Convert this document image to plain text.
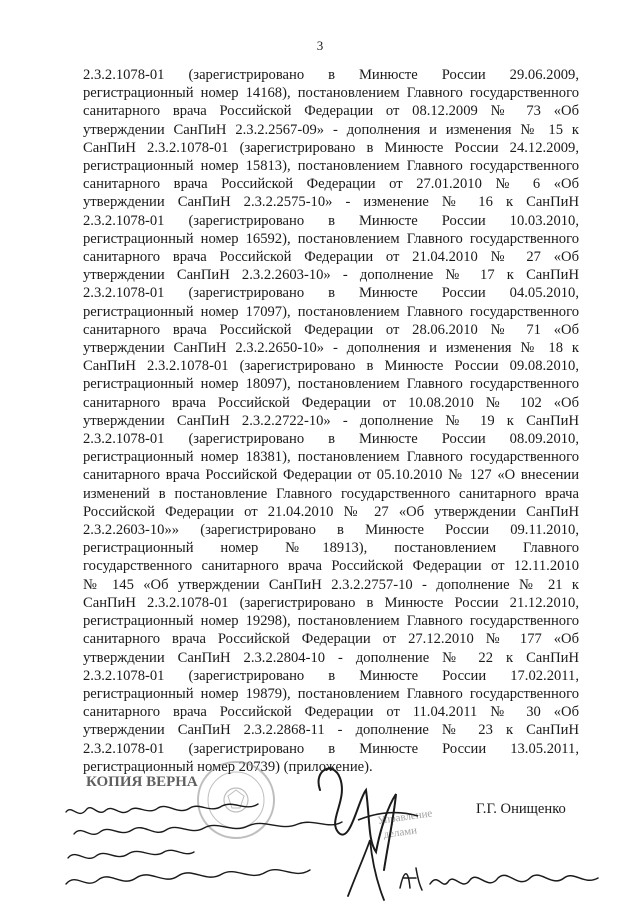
3
2.3.2.1078-01 (зарегистрировано в Минюсте России 29.06.2009,
регистрационный номер 14168), постановлением Главного государственного
санитарного врача Российской Федерации от 08.12.2009 № 73 «Об
утверждении СанПиН 2.3.2.2567-09» - дополнения и изменения № 15 к
СанПиН 2.3.2.1078-01 (зарегистрировано в Минюсте России 24.12.2009,
регистрационный номер 15813), постановлением Главного государственного
санитарного врача Российской Федерации от 27.01.2010 № 6 «Об
утверждении СанПиН 2.3.2.2575-10» - изменение № 16 к СанПиН
2.3.2.1078-01 (зарегистрировано в Минюсте России 10.03.2010,
регистрационный номер 16592), постановлением Главного государственного
санитарного врача Российской Федерации от 21.04.2010 № 27 «Об
утверждении СанПиН 2.3.2.2603-10» - дополнение № 17 к СанПиН
2.3.2.1078-01 (зарегистрировано в Минюсте России 04.05.2010,
регистрационный номер 17097), постановлением Главного государственного
санитарного врача Российской Федерации от 28.06.2010 № 71 «Об
утверждении СанПиН 2.3.2.2650-10» - дополнения и изменения № 18 к
СанПиН 2.3.2.1078-01 (зарегистрировано в Минюсте России 09.08.2010,
регистрационный номер 18097), постановлением Главного государственного
санитарного врача Российской Федерации от 10.08.2010 № 102 «Об
утверждении СанПиН 2.3.2.2722-10» - дополнение № 19 к СанПиН
2.3.2.1078-01 (зарегистрировано в Минюсте России 08.09.2010,
регистрационный номер 18381), постановлением Главного государственного
санитарного врача Российской Федерации от 05.10.2010 № 127 «О внесении
изменений в постановление Главного государственного санитарного врача
Российской Федерации от 21.04.2010 № 27 «Об утверждении СанПиН
2.3.2.2603-10»» (зарегистрировано в Минюсте России 09.11.2010,
регистрационный номер №18913), постановлением Главного
государственного санитарного врача Российской Федерации от 12.11.2010
№ 145 «Об утверждении СанПиН 2.3.2.2757-10 - дополнение № 21 к
СанПиН 2.3.2.1078-01 (зарегистрировано в Минюсте России 21.12.2010,
регистрационный номер 19298), постановлением Главного государственного
санитарного врача Российской Федерации от 27.12.2010 № 177 «Об
утверждении СанПиН 2.3.2.2804-10 - дополнение № 22 к СанПиН
2.3.2.1078-01 (зарегистрировано в Минюсте России 17.02.2011,
регистрационный номер 19879), постановлением Главного государственного
санитарного врача Российской Федерации от 11.04.2011 № 30 «Об
утверждении СанПиН 2.3.2.2868-11 - дополнение № 23 к СанПиН
2.3.2.1078-01 (зарегистрировано в Минюсте России 13.05.2011,
регистрационный номер 20739) (приложение).
Г.Г. Онищенко
КОПИЯ ВЕРНА
Управление
делами
